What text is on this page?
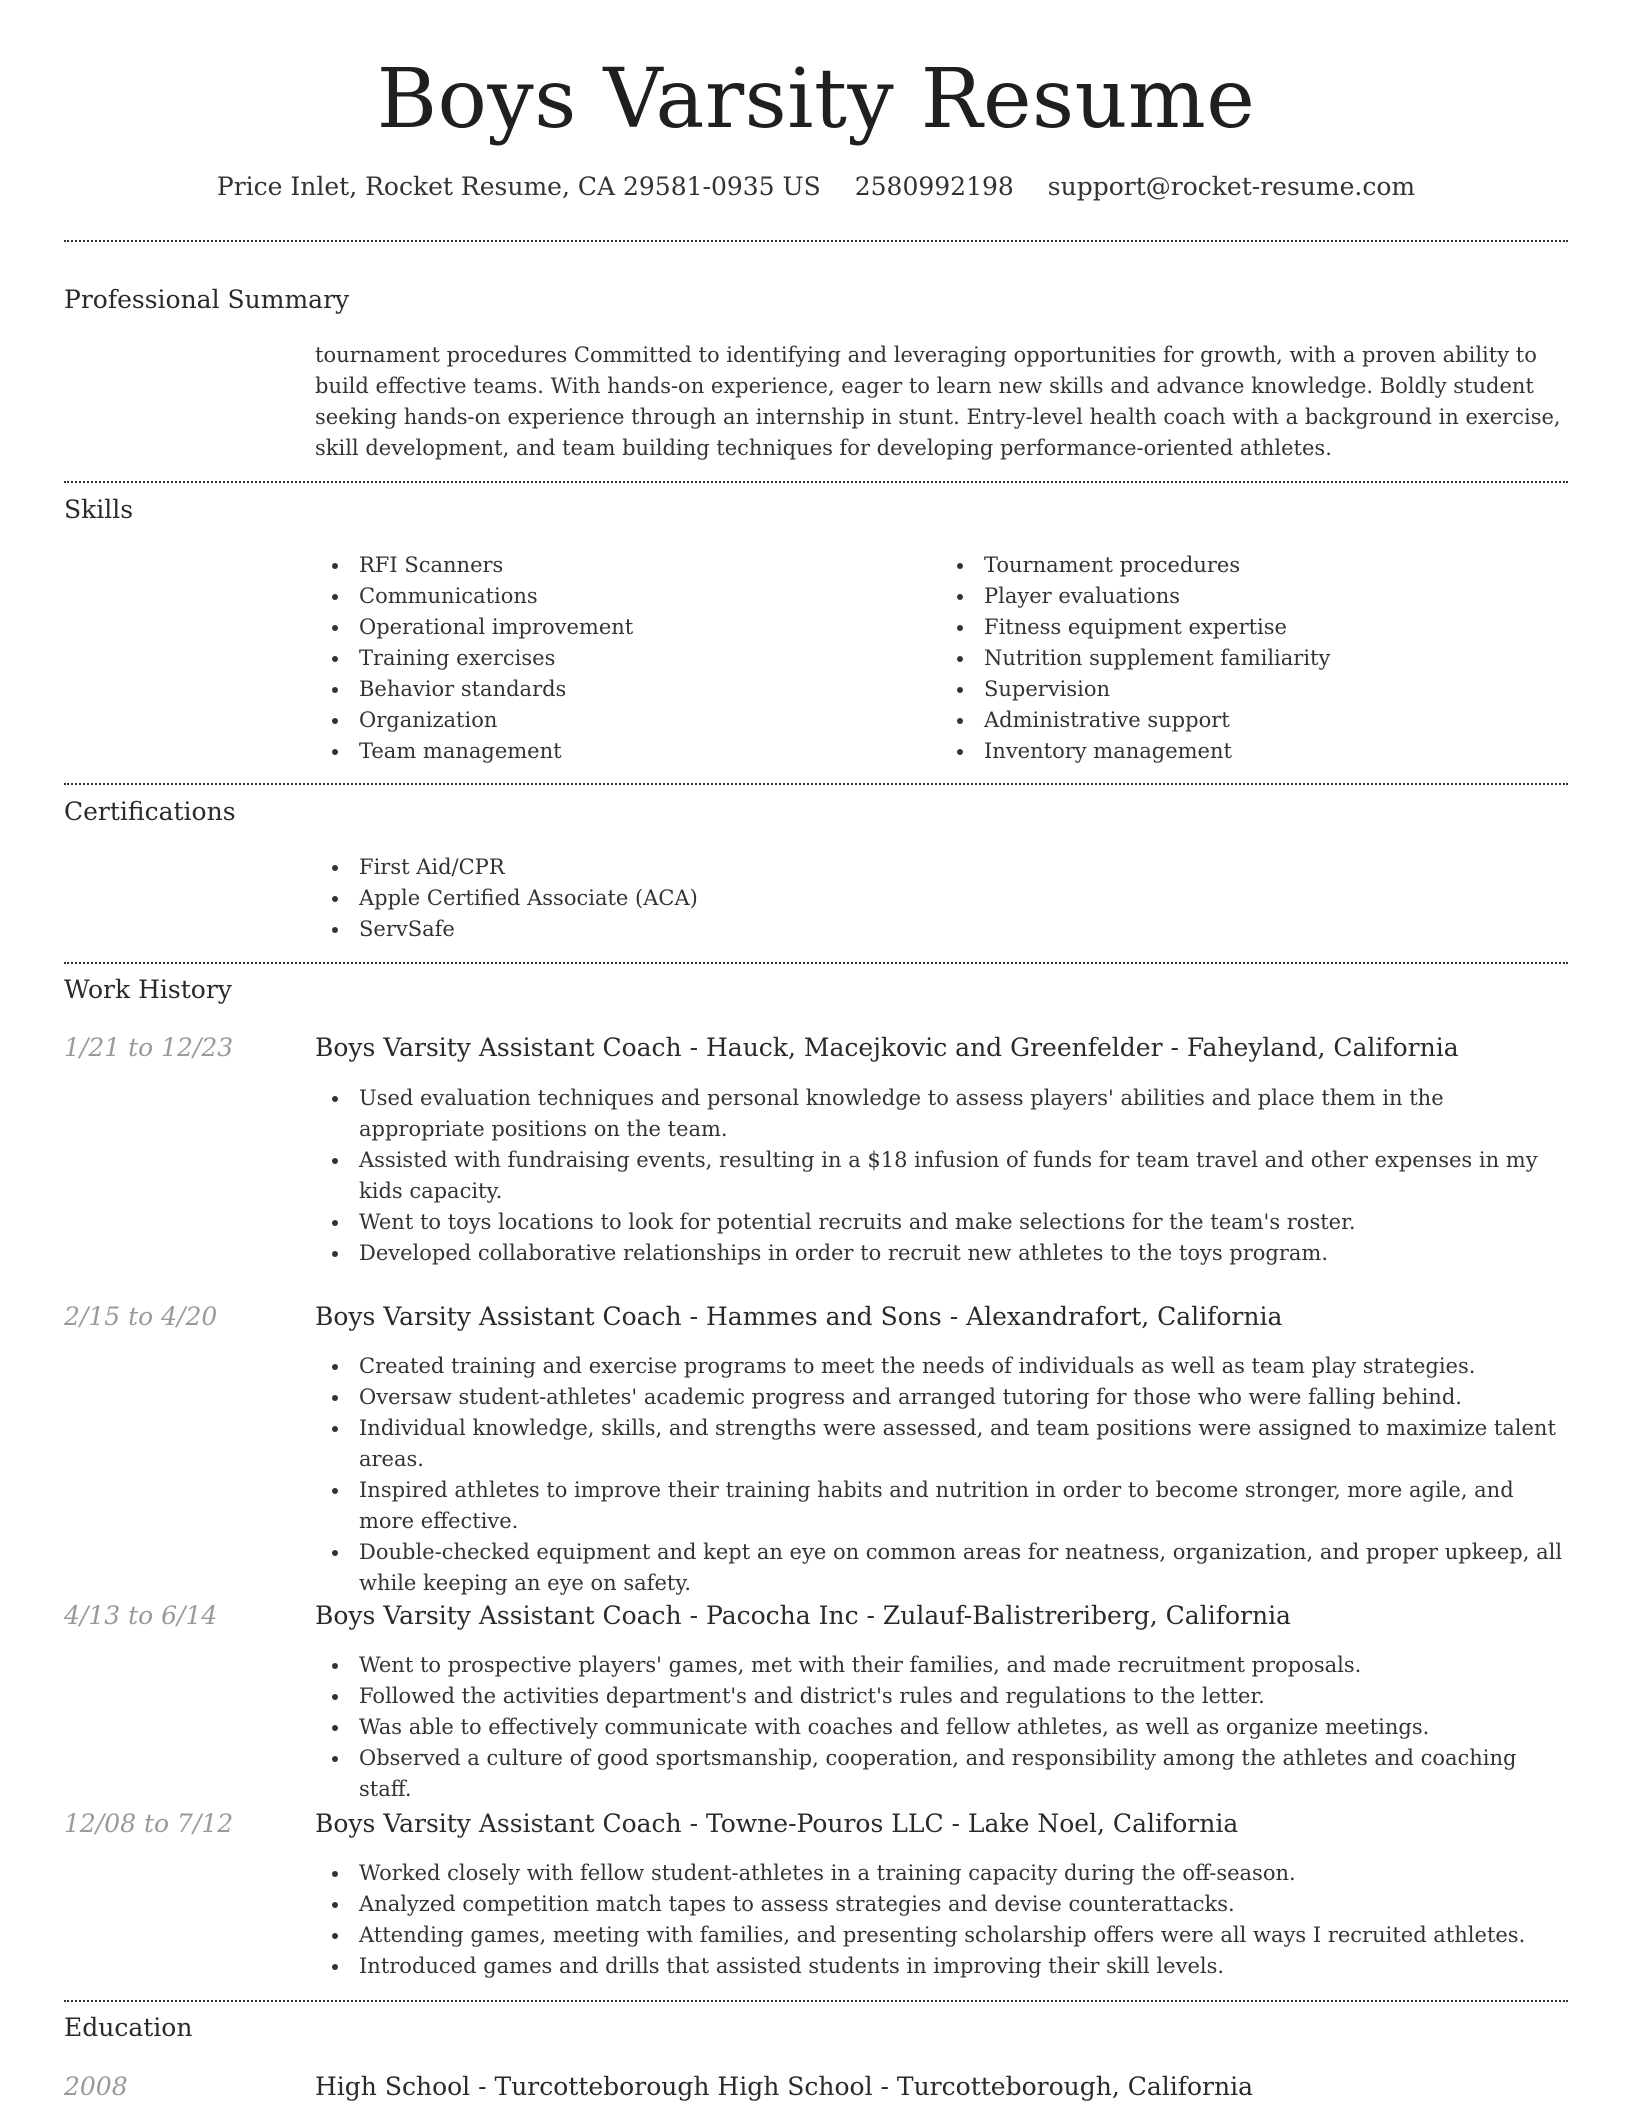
Boys Varsity Resume
Price Inlet, Rocket Resume, CA 29581-0935 US 2580992198 support@rocket-resume.com
Professional Summary

tournament procedures Committed to identifying and leveraging opportunities for growth, with a proven ability to build effective teams. With hands-on experience, eager to learn new skills and advance knowledge. Boldly student seeking hands-on experience through an internship in stunt. Entry-level health coach with a background in exercise, skill development, and team building techniques for developing performance-oriented athletes.

Skills
RFI Scanners
Communications
Operational improvement
Training exercises
Behavior standards
Organization
Team management
Tournament procedures
Player evaluations
Fitness equipment expertise
Nutrition supplement familiarity
Supervision
Administrative support
Inventory management
Certifications
First Aid/CPR
Apple Certified Associate (ACA)
ServSafe
Work History
1/21 to 12/23	Boys Varsity Assistant Coach - Hauck, Macejkovic and Greenfelder - Faheyland, California
Used evaluation techniques and personal knowledge to assess players' abilities and place them in the appropriate positions on the team.
Assisted with fundraising events, resulting in a $18 infusion of funds for team travel and other expenses in my kids capacity.
Went to toys locations to look for potential recruits and make selections for the team's roster.
Developed collaborative relationships in order to recruit new athletes to the toys program.
2/15 to 4/20	Boys Varsity Assistant Coach - Hammes and Sons - Alexandrafort, California
Created training and exercise programs to meet the needs of individuals as well as team play strategies.
Oversaw student-athletes' academic progress and arranged tutoring for those who were falling behind.
Individual knowledge, skills, and strengths were assessed, and team positions were assigned to maximize talent areas.
Inspired athletes to improve their training habits and nutrition in order to become stronger, more agile, and more effective.
Double-checked equipment and kept an eye on common areas for neatness, organization, and proper upkeep, all while keeping an eye on safety.
4/13 to 6/14	Boys Varsity Assistant Coach - Pacocha Inc - Zulauf-Balistreriberg, California
Went to prospective players' games, met with their families, and made recruitment proposals.
Followed the activities department's and district's rules and regulations to the letter.
Was able to effectively communicate with coaches and fellow athletes, as well as organize meetings.
Observed a culture of good sportsmanship, cooperation, and responsibility among the athletes and coaching staff.
12/08 to 7/12	Boys Varsity Assistant Coach - Towne-Pouros LLC - Lake Noel, California
Worked closely with fellow student-athletes in a training capacity during the off-season.
Analyzed competition match tapes to assess strategies and devise counterattacks.
Attending games, meeting with families, and presenting scholarship offers were all ways I recruited athletes.
Introduced games and drills that assisted students in improving their skill levels.
Education
2008	High School - Turcotteborough High School - Turcotteborough, California
